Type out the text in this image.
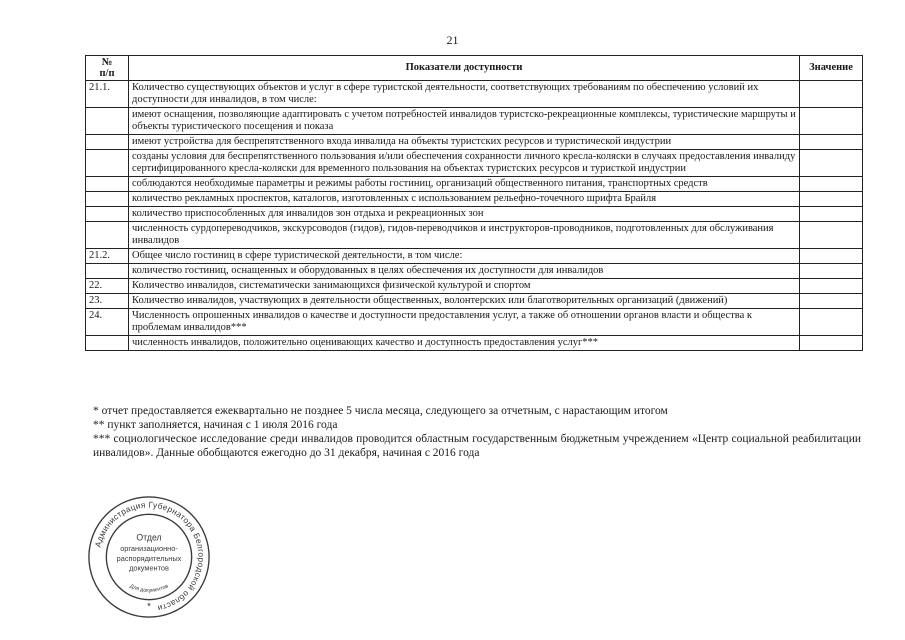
21
№
п/п	Показатели доступности	Значение
21.1.	Количество существующих объектов и услуг в сфере туристской деятельности, соответствующих требованиям по обеспечению условий их доступности для инвалидов, в том числе:	
	имеют оснащения, позволяющие адаптировать с учетом потребностей инвалидов туристско-рекреационные комплексы, туристические маршруты и объекты туристического посещения и показа	
	имеют устройства для беспрепятственного входа инвалида на объекты туристских ресурсов и туристической индустрии	
	созданы условия для беспрепятственного пользования и/или обеспечения сохранности личного кресла-коляски в случаях предоставления инвалиду сертифицированного кресла-коляски для временного пользования на объектах туристских ресурсов и туристкой индустрии	
	соблюдаются необходимые параметры и режимы работы гостиниц, организаций общественного питания, транспортных средств	
	количество рекламных проспектов, каталогов, изготовленных с использованием рельефно-точечного шрифта Брайля	
	количество приспособленных для инвалидов зон отдыха и рекреационных зон	
	численность сурдопереводчиков, экскурсоводов (гидов), гидов-переводчиков и инструкторов-проводников, подготовленных для обслуживания инвалидов	
21.2.	Общее число гостиниц в сфере туристической деятельности, в том числе:	
	количество гостиниц, оснащенных и оборудованных в целях обеспечения их доступности для инвалидов	
22.	Количество инвалидов, систематически занимающихся физической культурой и спортом	
23.	Количество инвалидов, участвующих в деятельности общественных, волонтерских или благотворительных организаций (движений)	
24.	Численность опрошенных инвалидов о качестве и доступности предоставления услуг, а также об отношении органов власти и общества к проблемам инвалидов***	
	численность инвалидов, положительно оценивающих качество и доступность предоставления услуг***	

* отчет предоставляется ежеквартально не позднее 5 числа месяца, следующего за отчетным, с нарастающим итогом

** пункт заполняется, начиная с 1 июля 2016 года

*** социологическое исследование среди инвалидов проводится областным государственным бюджетным учреждением «Центр социальной реабилитации инвалидов». Данные обобщаются ежегодно до 31 декабря, начиная с 2016 года

Администрация Губернатора Белгородской области
Отдел
организационно-
распорядительных
документов
Для документов
*
